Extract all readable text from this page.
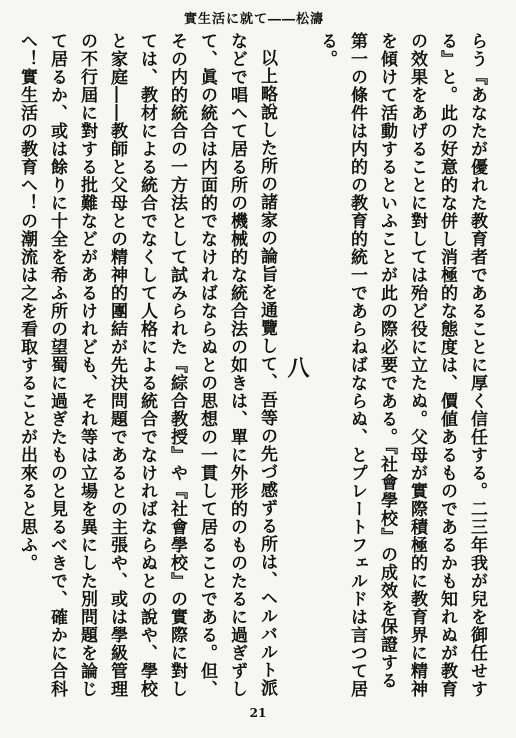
松濤――實生活に就て

らう『あなたが優れた教育者であることに厚く信任する。二三年我が兒を御任せする』と。此の好意的な併し消極的な態度は、價値あるものであるかも知れぬが教育の效果をあげることに對しては殆ど役に立たぬ。父母が實際積極的に教育界に精神を傾けて活動するといふことが此の際必要である。『社會學校』の成效を保證する第一の條件は内的の教育的統一であらねばならぬ、とプレートフェルドは言つて居る。

八

以上略說した所の諸家の論旨を通覽して、吾等の先づ感ずる所は、ヘルバルト派などで唱へて居る所の機械的な統合法の如きは、單に外形的のものたるに過ぎずして、眞の統合は内面的でなければならぬとの思想の一貫して居ることである。但、その内的統合の一方法として試みられた『綜合教授』や『社會學校』の實際に對しては、教材による統合でなくして人格による統合でなければならぬとの說や、學校と家庭――教師と父母との精神的團結が先決問題であるとの主張や、或は學級管理の不行屆に對する批難などがあるけれども、それ等は立場を異にした別問題を論じて居るか、或は餘りに十全を希ふ所の望蜀に過ぎたものと見るべきで、確かに合科へ！實生活の教育へ！の潮流は之を看取することが出來ると思ふ。

21
